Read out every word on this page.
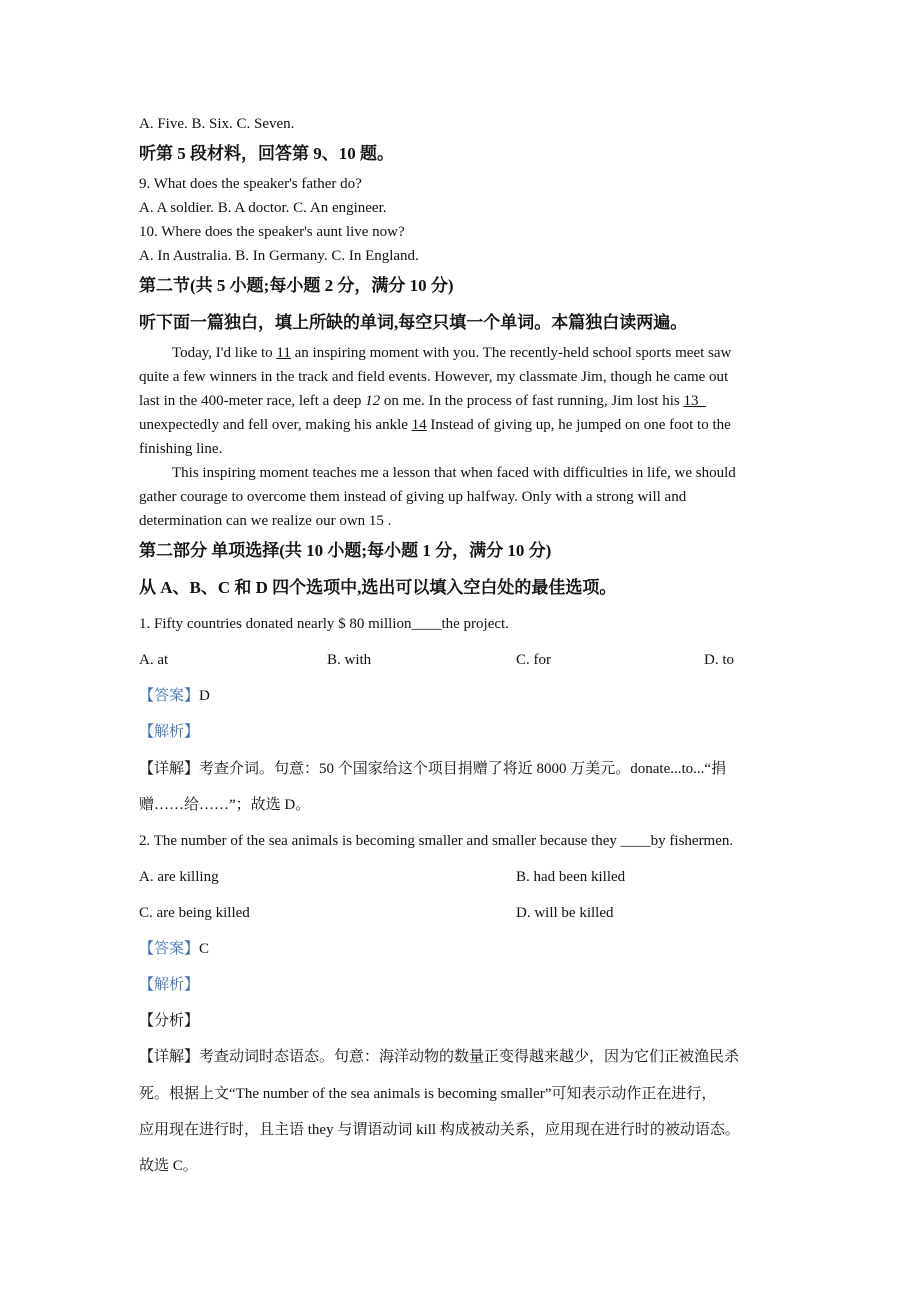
A. Five. B. Six. C. Seven.
听第 5 段材料，回答第 9、10 题。
9. What does the speaker's father do?
A. A soldier. B. A doctor. C. An engineer.
10. Where does the speaker's aunt live now?
A. In Australia. B. In Germany. C. In England.
第二节(共 5 小题;每小题 2 分，满分 10 分)
听下面一篇独白，填上所缺的单词,每空只填一个单词。本篇独白读两遍。
Today, I'd like to 11 an inspiring moment with you. The recently-held school sports meet saw
quite a few winners in the track and field events. However, my classmate Jim, though he came out
last in the 400-meter race, left a deep 12 on me. In the process of fast running, Jim lost his 13
unexpectedly and fell over, making his ankle 14 Instead of giving up, he jumped on one foot to the
finishing line.
This inspiring moment teaches me a lesson that when faced with difficulties in life, we should
gather courage to overcome them instead of giving up halfway. Only with a strong will and
determination can we realize our own 15 .
第二部分 单项选择(共 10 小题;每小题 1 分，满分 10 分)
从 A、B、C 和 D 四个选项中,选出可以填入空白处的最佳选项。
1. Fifty countries donated nearly $ 80 million____the project.
A. at	B. with	C. for	D. to
【答案】D
【解析】
【详解】考查介词。句意：50 个国家给这个项目捐赠了将近 8000 万美元。donate...to...“捐
赠……给……”；故选 D。
2. The number of the sea animals is becoming smaller and smaller because they ____by fishermen.
A. are killing	B. had been killed
C. are being killed	D. will be killed
【答案】C
【解析】
【分析】
【详解】考查动词时态语态。句意：海洋动物的数量正变得越来越少，因为它们正被渔民杀
死。根据上文“The number of the sea animals is becoming smaller”可知表示动作正在进行，
应用现在进行时，且主语 they 与谓语动词 kill 构成被动关系，应用现在进行时的被动语态。
故选 C。
